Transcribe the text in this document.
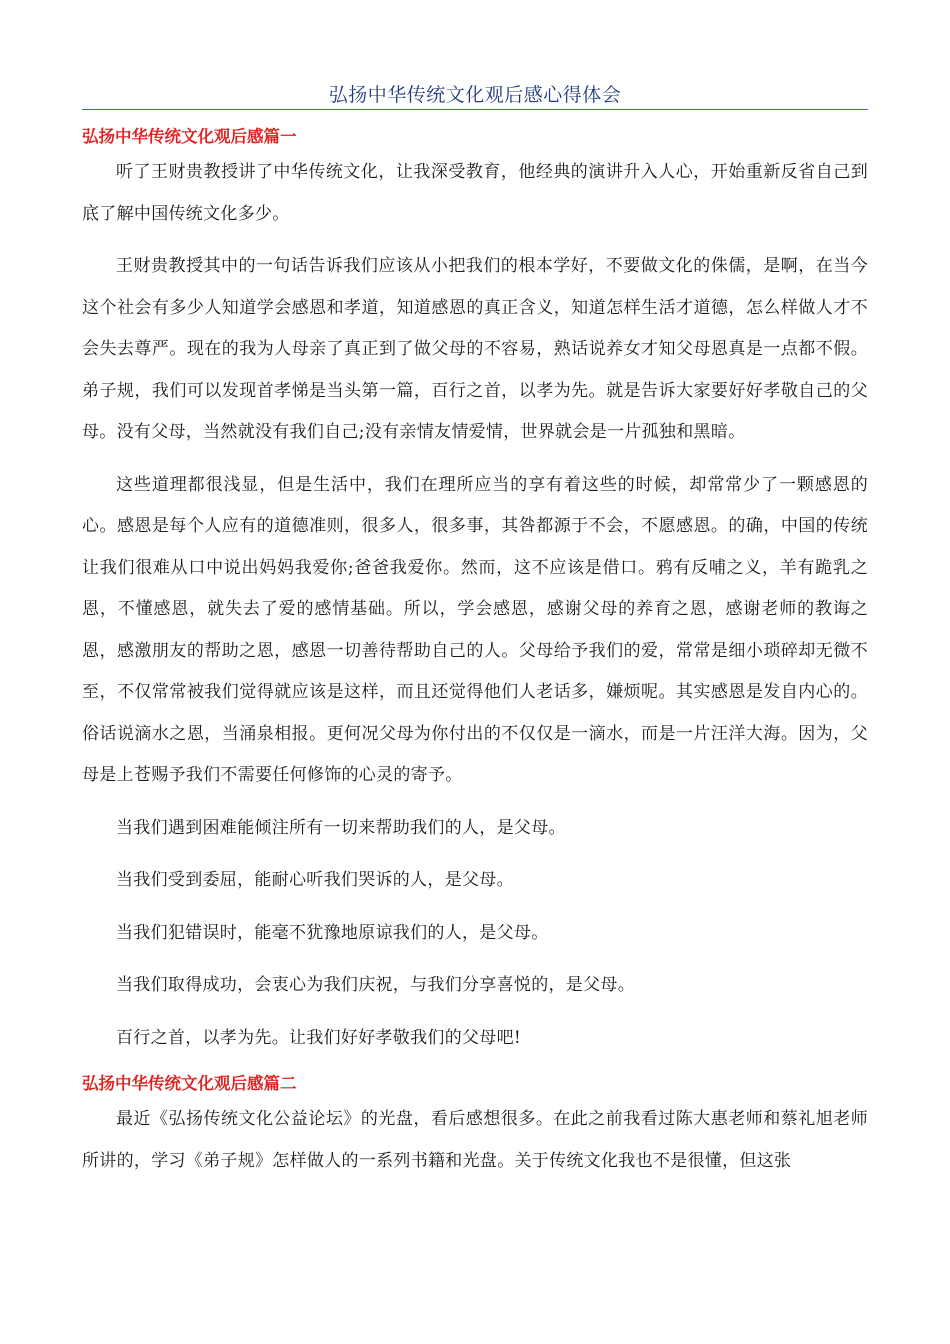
弘扬中华传统文化观后感心得体会
弘扬中华传统文化观后感篇一

听了王财贵教授讲了中华传统文化，让我深受教育，他经典的演讲升入人心，开始重新反省自己到底了解中国传统文化多少。

王财贵教授其中的一句话告诉我们应该从小把我们的根本学好，不要做文化的侏儒，是啊，在当今这个社会有多少人知道学会感恩和孝道，知道感恩的真正含义，知道怎样生活才道德，怎么样做人才不会失去尊严。现在的我为人母亲了真正到了做父母的不容易，熟话说养女才知父母恩真是一点都不假。弟子规，我们可以发现首孝悌是当头第一篇，百行之首，以孝为先。就是告诉大家要好好孝敬自己的父母。没有父母，当然就没有我们自己;没有亲情友情爱情，世界就会是一片孤独和黑暗。

这些道理都很浅显，但是生活中，我们在理所应当的享有着这些的时候，却常常少了一颗感恩的心。感恩是每个人应有的道德准则，很多人，很多事，其咎都源于不会，不愿感恩。的确，中国的传统让我们很难从口中说出妈妈我爱你;爸爸我爱你。然而，这不应该是借口。鸦有反哺之义，羊有跪乳之恩，不懂感恩，就失去了爱的感情基础。所以，学会感恩，感谢父母的养育之恩，感谢老师的教诲之恩，感激朋友的帮助之恩，感恩一切善待帮助自己的人。父母给予我们的爱，常常是细小琐碎却无微不至，不仅常常被我们觉得就应该是这样，而且还觉得他们人老话多，嫌烦呢。其实感恩是发自内心的。俗话说滴水之恩，当涌泉相报。更何况父母为你付出的不仅仅是一滴水，而是一片汪洋大海。因为，父母是上苍赐予我们不需要任何修饰的心灵的寄予。

当我们遇到困难能倾注所有一切来帮助我们的人，是父母。

当我们受到委屈，能耐心听我们哭诉的人，是父母。

当我们犯错误时，能毫不犹豫地原谅我们的人，是父母。

当我们取得成功，会衷心为我们庆祝，与我们分享喜悦的，是父母。

百行之首，以孝为先。让我们好好孝敬我们的父母吧!

弘扬中华传统文化观后感篇二

最近《弘扬传统文化公益论坛》的光盘，看后感想很多。在此之前我看过陈大惠老师和蔡礼旭老师所讲的，学习《弟子规》怎样做人的一系列书籍和光盘。关于传统文化我也不是很懂，但这张
